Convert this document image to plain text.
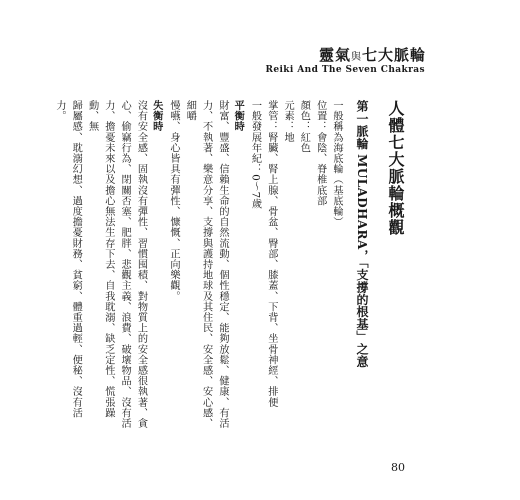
靈氣與七大脈輪
Reiki And The Seven Chakras
人體七大脈輪概觀
第一脈輪 MULADHARA，「支撐的根基」之意
一般稱為海底輪（基底輪）
位置：會陰、脊椎底部
顏色：紅色
元素：地
掌管：腎臟、腎上腺、骨盆、臀部、膝蓋、下背、坐骨神經、排便
一般發展年紀：0～7歲
平衡時
財富、豐盛、信賴生命的自然流動、個性穩定、能夠放鬆、健康、有活
力、不執著、樂意分享、支撐與護持地球及其住民、安全感、安心感、細嚼
慢嚥、身心皆具有彈性、慷慨、正向樂觀。
失衡時
沒有安全感、固執沒有彈性、習慣囤積、對物質上的安全感很執著、貪
心、偷竊行為、閉關否塞、肥胖、悲觀主義、浪費、破壞物品、沒有活
力、擔憂未來以及擔心無法生存下去、自我耽溺、缺乏定性、慌張躁動、無
歸屬感、耽溺幻想、過度擔憂財務、貧窮、體重過輕、便秘、沒有活力。
80
